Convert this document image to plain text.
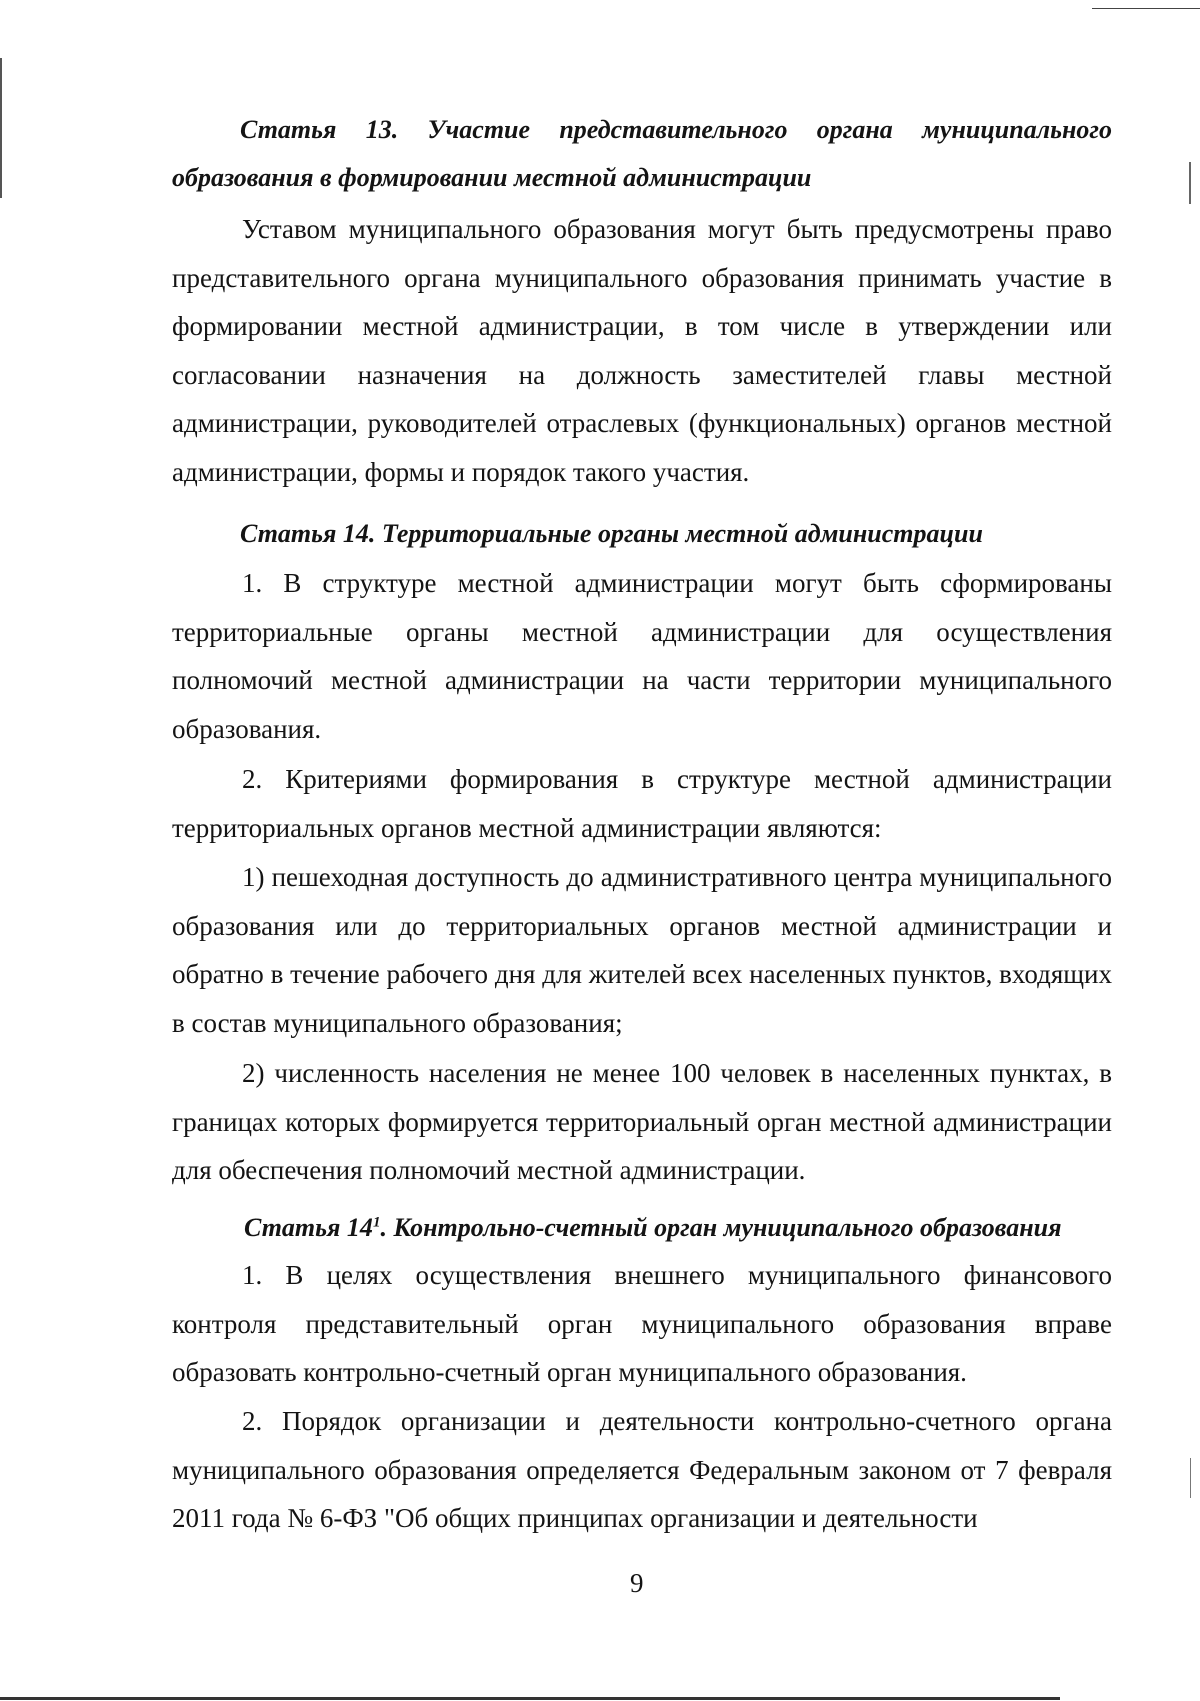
Статья 13. Участие представительного органа муниципального образования в формировании местной администрации

Уставом муниципального образования могут быть предусмотрены право представительного органа муниципального образования принимать участие в формировании местной администрации, в том числе в утверждении или согласовании назначения на должность заместителей главы местной администрации, руководителей отраслевых (функциональных) органов местной администрации, формы и порядок такого участия.

Статья 14. Территориальные органы местной администрации

1. В структуре местной администрации могут быть сформированы территориальные органы местной администрации для осуществления полномочий местной администрации на части территории муниципального образования.

2. Критериями формирования в структуре местной администрации территориальных органов местной администрации являются:

1) пешеходная доступность до административного центра муниципального образования или до территориальных органов местной администрации и обратно в течение рабочего дня для жителей всех населенных пунктов, входящих в состав муниципального образования;

2) численность населения не менее 100 человек в населенных пунктах, в границах которых формируется территориальный орган местной администрации для обеспечения полномочий местной администрации.

Статья $14^1$. Контрольно-счетный орган муниципального образования

1. В целях осуществления внешнего муниципального финансового контроля представительный орган муниципального образования вправе образовать контрольно-счетный орган муниципального образования.

2. Порядок организации и деятельности контрольно-счетного органа муниципального образования определяется Федеральным законом от 7 февраля 2011 года № 6-ФЗ "Об общих принципах организации и деятельности

9
